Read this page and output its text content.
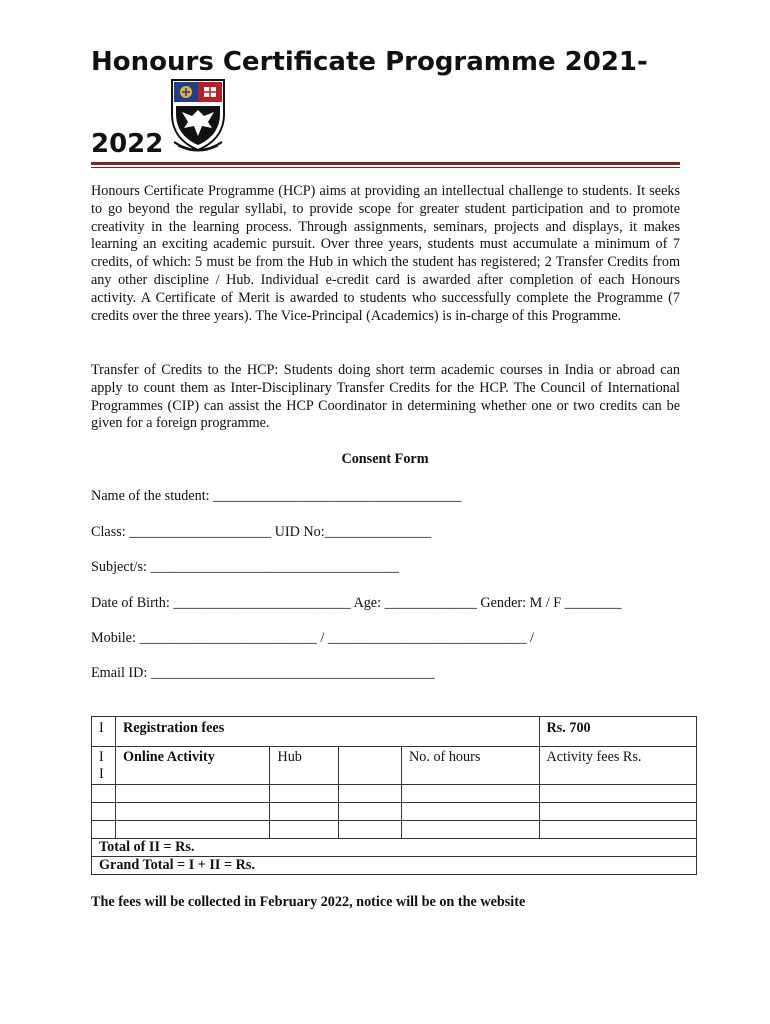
Honours Certificate Programme 2021-
2022

Honours Certificate Programme (HCP) aims at providing an intellectual challenge to students. It seeks to go beyond the regular syllabi, to provide scope for greater student participation and to promote creativity in the learning process. Through assignments, seminars, projects and displays, it makes learning an exciting academic pursuit. Over three years, students must accumulate a minimum of 7 credits, of which: 5 must be from the Hub in which the student has registered; 2 Transfer Credits from any other discipline / Hub. Individual e-credit card is awarded after completion of each Honours activity. A Certificate of Merit is awarded to students who successfully complete the Programme (7 credits over the three years). The Vice-Principal (Academics) is in-charge of this Programme.

Transfer of Credits to the HCP: Students doing short term academic courses in India or abroad can apply to count them as Inter-Disciplinary Transfer Credits for the HCP. The Council of International Programmes (CIP) can assist the HCP Coordinator in determining whether one or two credits can be given for a foreign programme.

Consent Form

Name of the student: ___________________________________

Class: ____________________ UID No:_______________

Subject/s: ___________________________________

Date of Birth: _________________________ Age: _____________ Gender: M / F ________

Mobile: _________________________ / ____________________________ /

Email ID: ________________________________________

I	Registration fees				Rs. 700
I I	Online Activity	Hub		No. of hours	Activity fees Rs.

Total of II = Rs.					
Grand Total = I + II = Rs.					

The fees will be collected in February 2022, notice will be on the website
